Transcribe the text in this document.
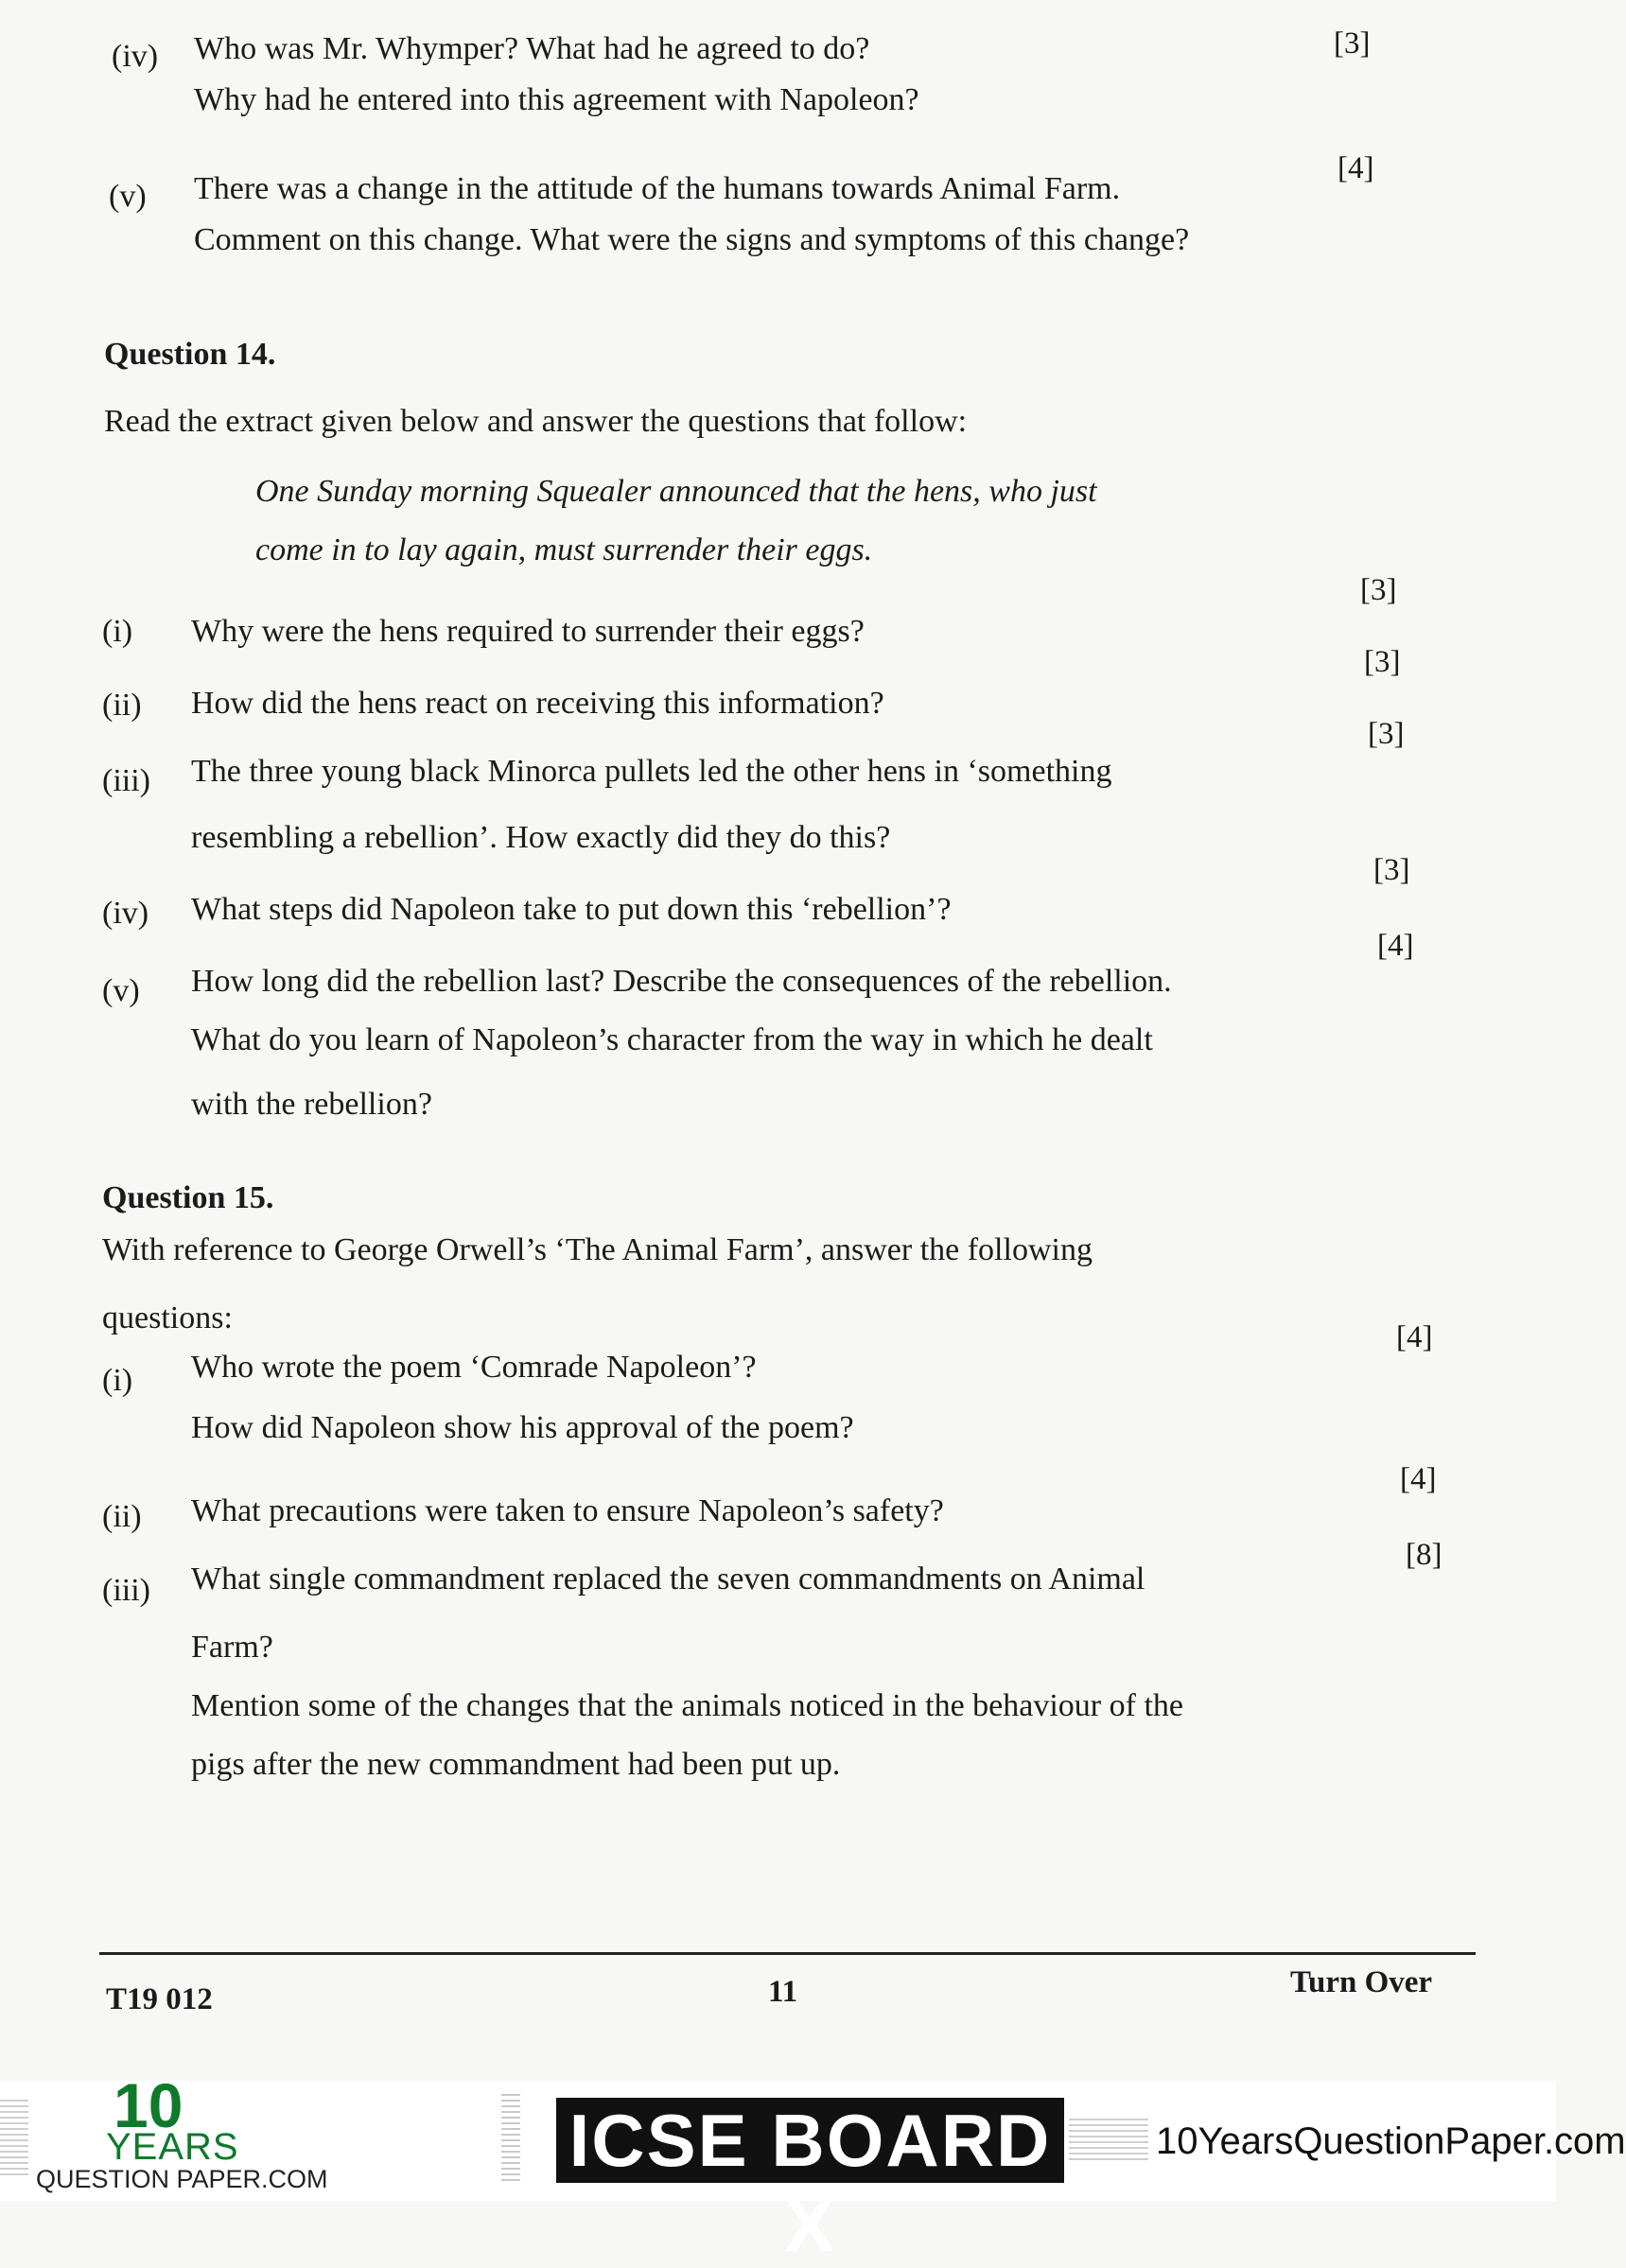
(iv) Who was Mr. Whymper? What had he agreed to do?
Why had he entered into this agreement with Napoleon?
[3]
(v) There was a change in the attitude of the humans towards Animal Farm.
Comment on this change. What were the signs and symptoms of this change?
[4]
Question 14.
Read the extract given below and answer the questions that follow:
One Sunday morning Squealer announced that the hens, who just
come in to lay again, must surrender their eggs.
(i) Why were the hens required to surrender their eggs?
[3]
(ii) How did the hens react on receiving this information?
[3]
(iii) The three young black Minorca pullets led the other hens in ‘something
resembling a rebellion’. How exactly did they do this?
[3]
(iv) What steps did Napoleon take to put down this ‘rebellion’?
[3]
(v) How long did the rebellion last? Describe the consequences of the rebellion.
What do you learn of Napoleon’s character from the way in which he dealt
with the rebellion?
[4]
Question 15.
With reference to George Orwell’s ‘The Animal Farm’, answer the following
questions:
(i) Who wrote the poem ‘Comrade Napoleon’?
How did Napoleon show his approval of the poem?
[4]
(ii) What precautions were taken to ensure Napoleon’s safety?
[4]
(iii) What single commandment replaced the seven commandments on Animal
Farm?
Mention some of the changes that the animals noticed in the behaviour of the
pigs after the new commandment had been put up.
[8]
T19 012	11	Turn Over
10
YEARS
QUESTION PAPER.COM	ICSE BOARD X
10YearsQuestionPaper.com
